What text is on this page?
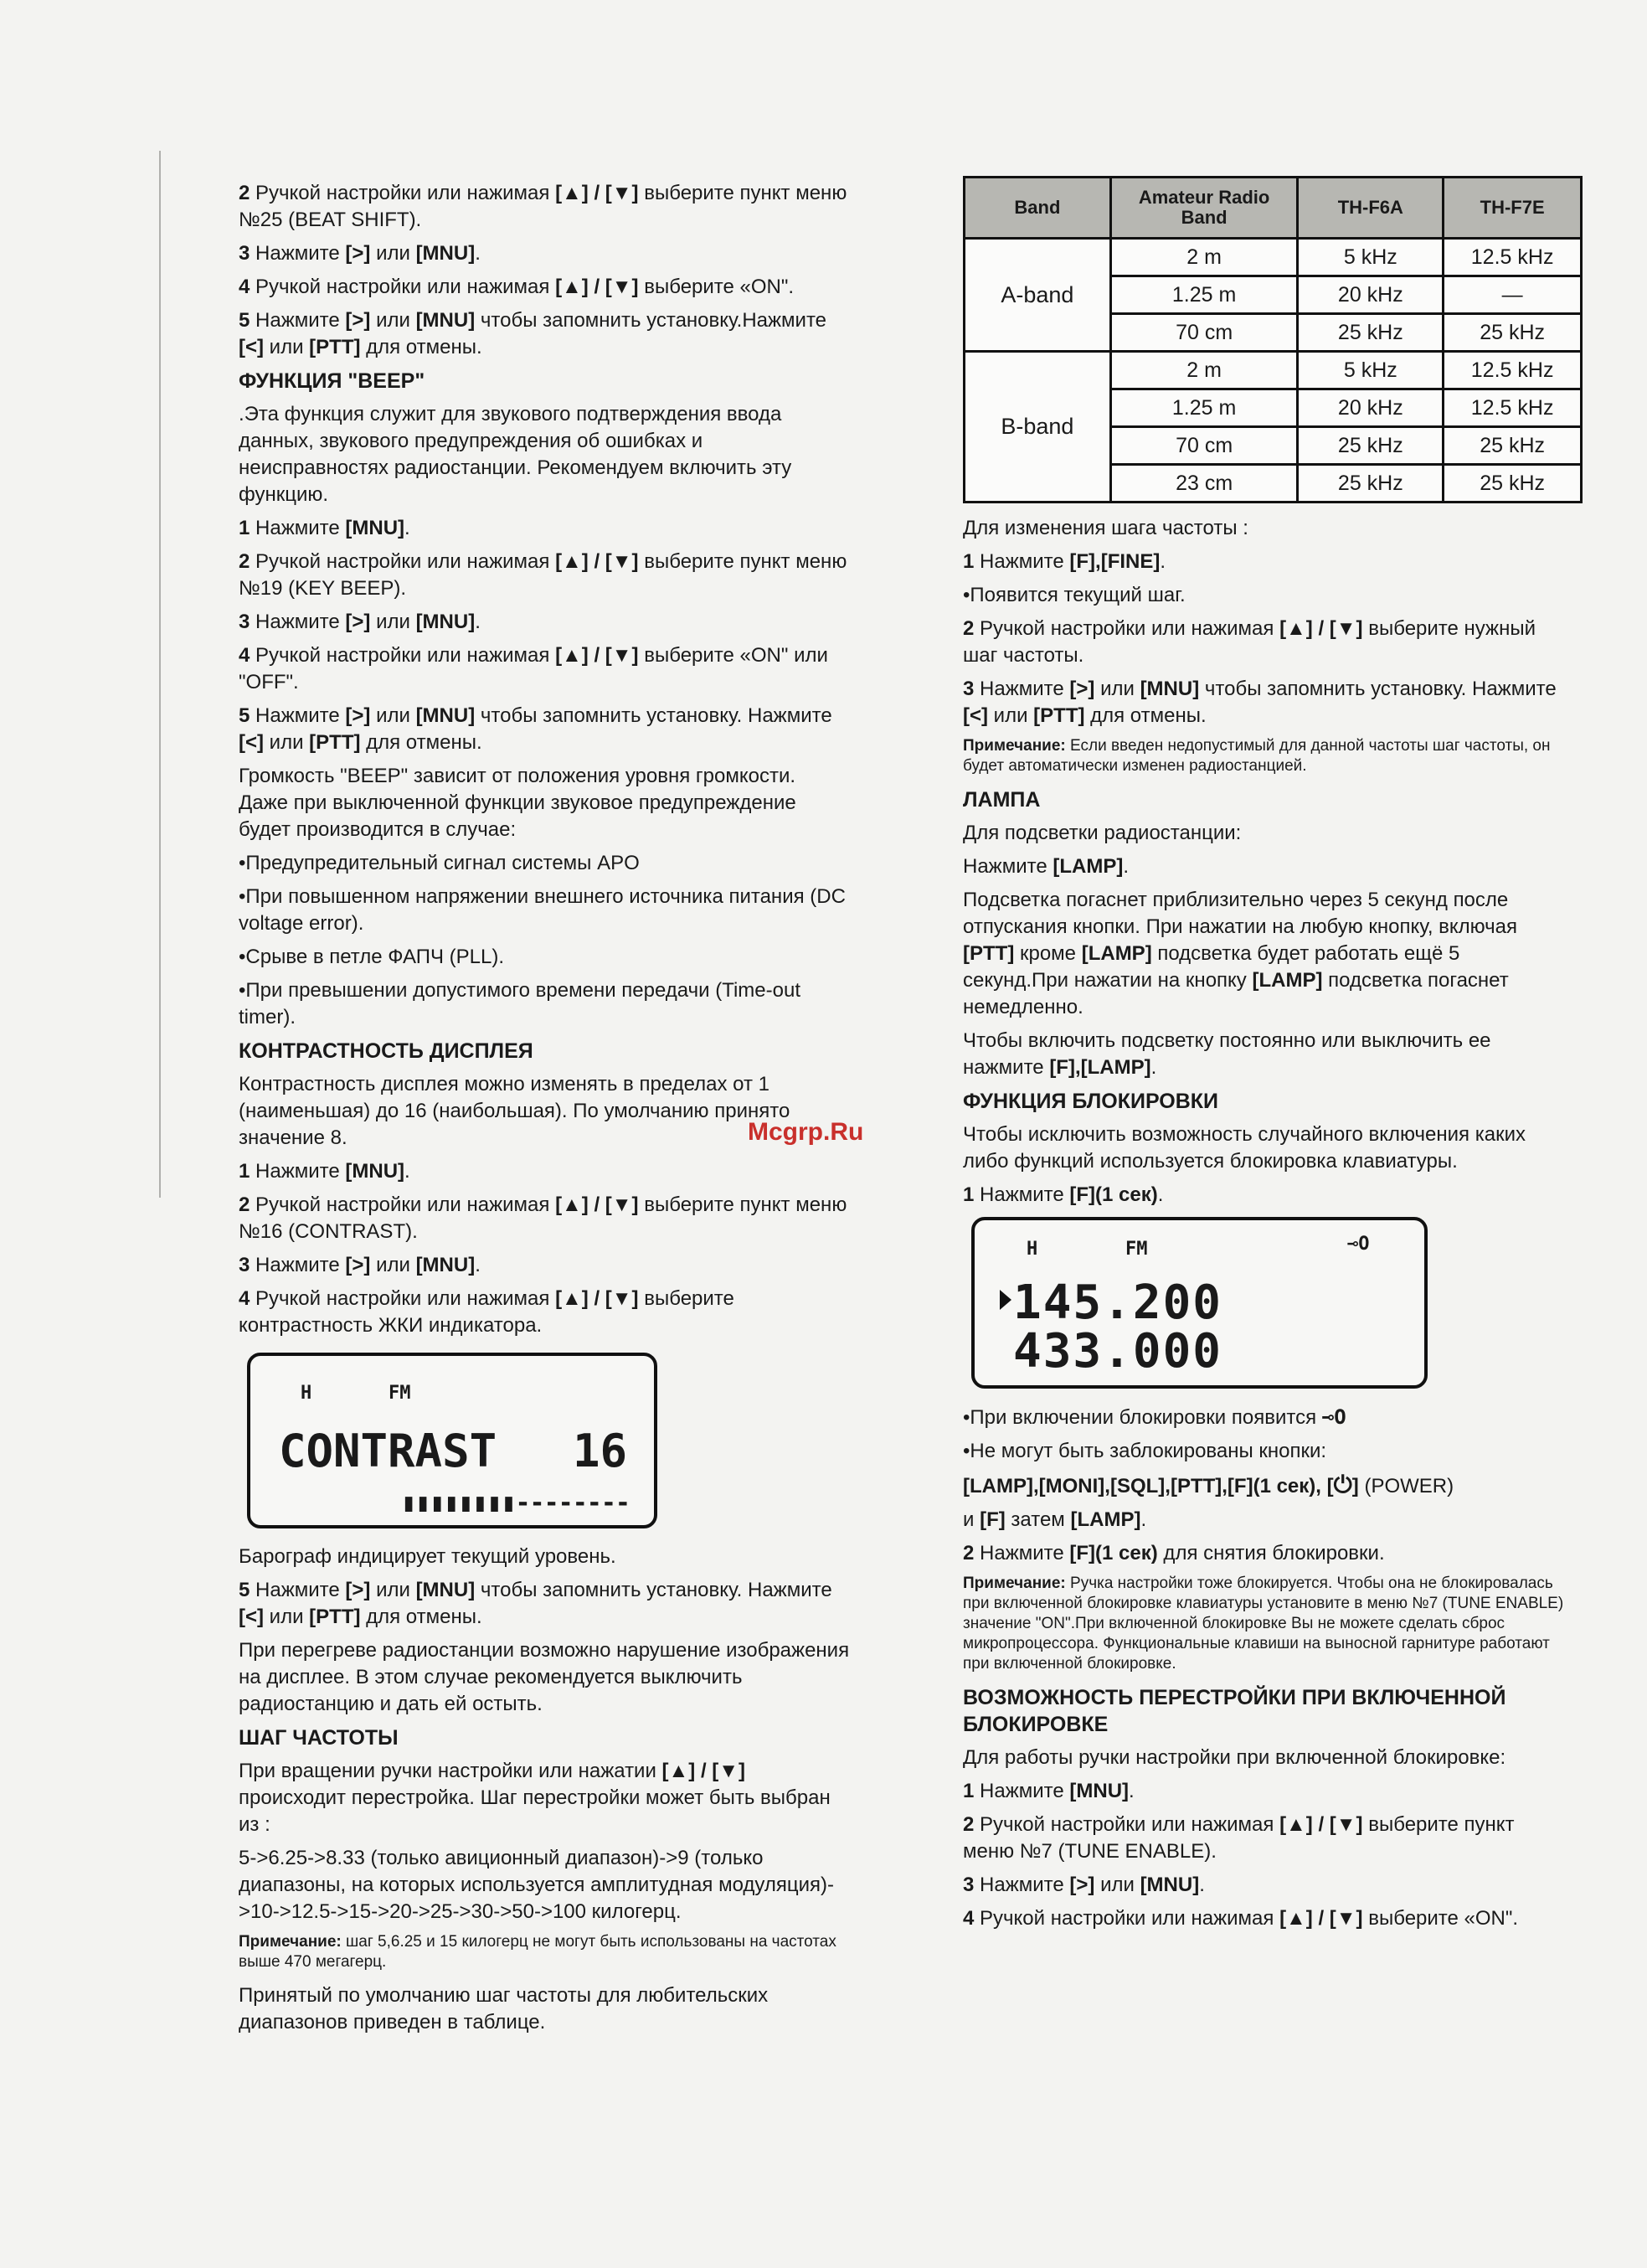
2 Ручкой настройки или нажимая [▲] / [▼] выберите пункт меню №25 (BEAT SHIFT).

3 Нажмите [>] или [MNU].

4 Ручкой настройки или нажимая [▲] / [▼] выберите «ON".

5 Нажмите [>] или [MNU] чтобы запомнить установку.Нажмите [<] или [PTT] для отмены.

ФУНКЦИЯ "BEEP"

.Эта функция служит для звукового подтверждения ввода данных, звукового предупреждения об ошибках и неисправностях радиостанции. Рекомендуем включить эту функцию.

1 Нажмите [MNU].

2 Ручкой настройки или нажимая [▲] / [▼] выберите пункт меню №19 (KEY BEEP).

3 Нажмите [>] или [MNU].

4 Ручкой настройки или нажимая [▲] / [▼] выберите «ON" или "OFF".

5 Нажмите [>] или [MNU] чтобы запомнить установку. Нажмите [<] или [PTT] для отмены.

Громкость "BEEP" зависит от положения уровня громкости. Даже при выключенной функции звуковое предупреждение будет производится в случае:

• Предупредительный сигнал системы APO

• При повышенном напряжении внешнего источника питания (DC voltage error).

• Срыве в петле ФАПЧ (PLL).

• При превышении допустимого времени передачи (Time-out timer).

КОНТРАСТНОСТЬ ДИСПЛЕЯ

Контрастность дисплея можно изменять в пределах от 1 (наименьшая) до 16 (наибольшая). По умолчанию принято значение 8.

1 Нажмите [MNU].

2 Ручкой настройки или нажимая [▲] / [▼] выберите пункт меню №16 (CONTRAST).

3 Нажмите [>] или [MNU].

4 Ручкой настройки или нажимая [▲] / [▼] выберите контрастность ЖКИ индикатора.

H	FM
CONTRAST 16
▮▮▮▮▮▮▮▮--------

Барограф индицирует текущий уровень.

5 Нажмите [>] или [MNU] чтобы запомнить установку. Нажмите [<] или [PTT] для отмены.

При перегреве радиостанции возможно нарушение изображения на дисплее. В этом случае рекомендуется выключить радиостанцию и дать ей остыть.

ШАГ ЧАСТОТЫ

При вращении ручки настройки или нажатии [▲] / [▼] происходит перестройка. Шаг перестройки может быть выбран из :

5->6.25->8.33 (только авиционный диапазон)->9 (только диапазоны, на которых используется амплитудная модуляция)->10->12.5->15->20->25->30->50->100 килогерц.

Примечание: шаг 5,6.25 и 15 килогерц не могут быть использованы на частотах выше 470 мегагерц.

Принятый по умолчанию шаг частоты для любительских диапазонов приведен в таблице.

Mcgrp.Ru
Band	Amateur Radio Band	TH-F6A	TH-F7E
A-band	2 m	5 kHz	12.5 kHz
	1.25 m	20 kHz	—
	70 cm	25 kHz	25 kHz
B-band	2 m	5 kHz	12.5 kHz
	1.25 m	20 kHz	12.5 kHz
	70 cm	25 kHz	25 kHz
	23 cm	25 kHz	25 kHz

Для изменения шага частоты :

1 Нажмите [F],[FINE].

• Появится текущий шаг.

2 Ручкой настройки или нажимая [▲] / [▼] выберите нужный шаг частоты.

3 Нажмите [>] или [MNU] чтобы запомнить установку. Нажмите [<] или [PTT] для отмены.

Примечание: Если введен недопустимый для данной частоты шаг частоты, он будет автоматически изменен радиостанцией.

ЛАМПА

Для подсветки радиостанции:

Нажмите [LAMP].

Подсветка погаснет приблизительно через 5 секунд после отпускания кнопки. При нажатии на любую кнопку, включая [PTT] кроме [LAMP] подсветка будет работать ещё 5 секунд.При нажатии на кнопку [LAMP] подсветка погаснет немедленно.

Чтобы включить подсветку постоянно или выключить ее нажмите [F],[LAMP].

ФУНКЦИЯ БЛОКИРОВКИ

Чтобы исключить возможность случайного включения каких либо функций используется блокировка клавиатуры.

1 Нажмите [F](1 сек).

H	FM	⊸O
145.200
433.000

• При включении блокировки появится ⊸O

• Не могут быть заблокированы кнопки:

[LAMP],[MONI],[SQL],[PTT],[F](1 сек), [⏻] (POWER)

и [F] затем [LAMP].

2 Нажмите [F](1 сек) для снятия блокировки.

Примечание: Ручка настройки тоже блокируется. Чтобы она не блокировалась при включенной блокировке клавиатуры установите в меню №7 (TUNE ENABLE) значение "ON".При включенной блокировке Вы не можете сделать сброс микропроцессора. Функциональные клавиши на выносной гарнитуре работают при включенной блокировке.

ВОЗМОЖНОСТЬ ПЕРЕСТРОЙКИ ПРИ ВКЛЮЧЕННОЙ БЛОКИРОВКЕ

Для работы ручки настройки при включенной блокировке:

1 Нажмите [MNU].

2 Ручкой настройки или нажимая [▲] / [▼] выберите пункт меню №7 (TUNE ENABLE).

3 Нажмите [>] или [MNU].

4 Ручкой настройки или нажимая [▲] / [▼] выберите «ON".
